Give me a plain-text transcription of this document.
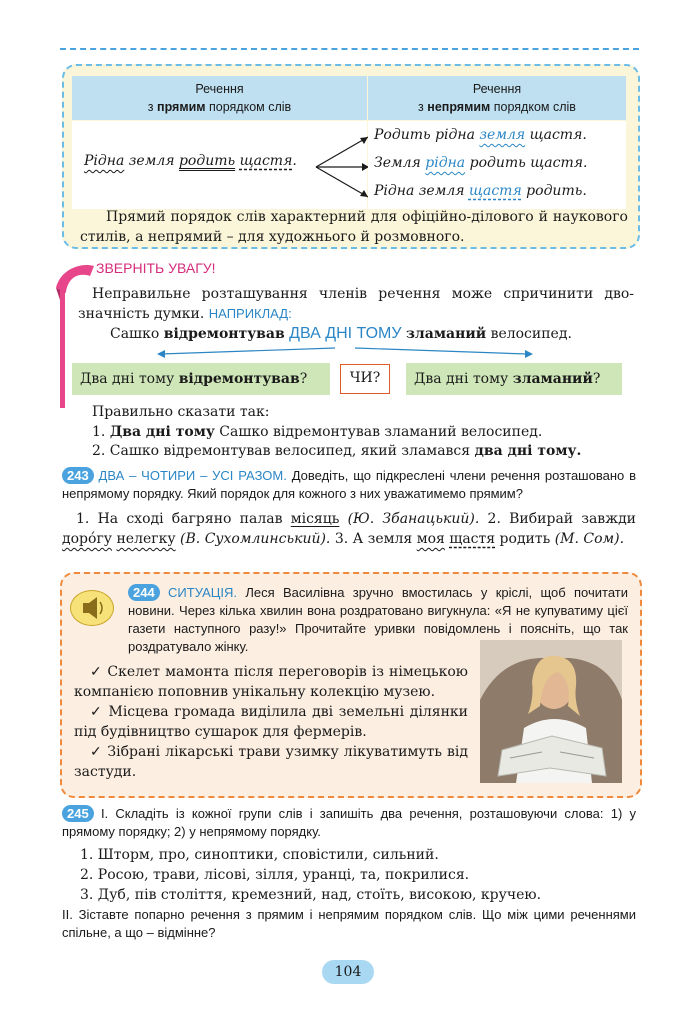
Речення
з прямим порядком слів
Речення
з непрямим порядком слів
Рідна земля родить щастя.
Родить рідна земля щастя.
Земля рідна родить щастя.
Рідна земля щастя родить.
Прямий порядок слів характерний для офіційно-ділового й наукового стилів, а непрямий – для художнього й розмовного.
ЗВЕРНІТЬ УВАГУ!
Неправильне розташування членів речення може спричинити двозначність думки. НАПРИКЛАД:
Сашко відремонтував ДВА ДНІ ТОМУ зламаний велосипед.
Два дні тому відремонтував?	ЧИ?	Два дні тому зламаний?
Правильно сказати так:
1. Два дні тому Сашко відремонтував зламаний велосипед.
2. Сашко відремонтував велосипед, який зламався два дні тому.
243 ДВА – ЧОТИРИ – УСІ РАЗОМ. Доведіть, що підкреслені члени речення розташовано в непрямому порядку. Який порядок для кожного з них уважатимемо прямим?
1. На сході багряно палав місяць (Ю. Збанацький). 2. Вибирай завжди дорóгу нелегку (В. Сухомлинський). 3. А земля моя щастя родить (М. Сом).
244 СИТУАЦІЯ. Леся Василівна зручно вмостилась у кріслі, щоб почитати новини. Через кілька хвилин вона роздратовано вигукнула: «Я не купуватиму цієї газети наступного разу!» Прочитайте уривки повідомлень і поясніть, що так роздратувало жінку.
✓ Скелет мамонта після переговорів із німецькою компанією поповнив унікальну колекцію музею.
✓ Місцева громада виділила дві земельні ділянки під будівництво сушарок для фермерів.
✓ Зібрані лікарські трави узимку лікуватимуть від застуди.
245 І. Складіть із кожної групи слів і запишіть два речення, розташовуючи слова: 1) у прямому порядку; 2) у непрямому порядку.
1. Шторм, про, синоптики, сповістили, сильний.
2. Росою, трави, лісові, зілля, уранці, та, покрилися.
3. Дуб, пів століття, кремезний, над, стоїть, високою, кручею.
ІІ. Зіставте попарно речення з прямим і непрямим порядком слів. Що між цими реченнями спільне, а що – відмінне?
104
